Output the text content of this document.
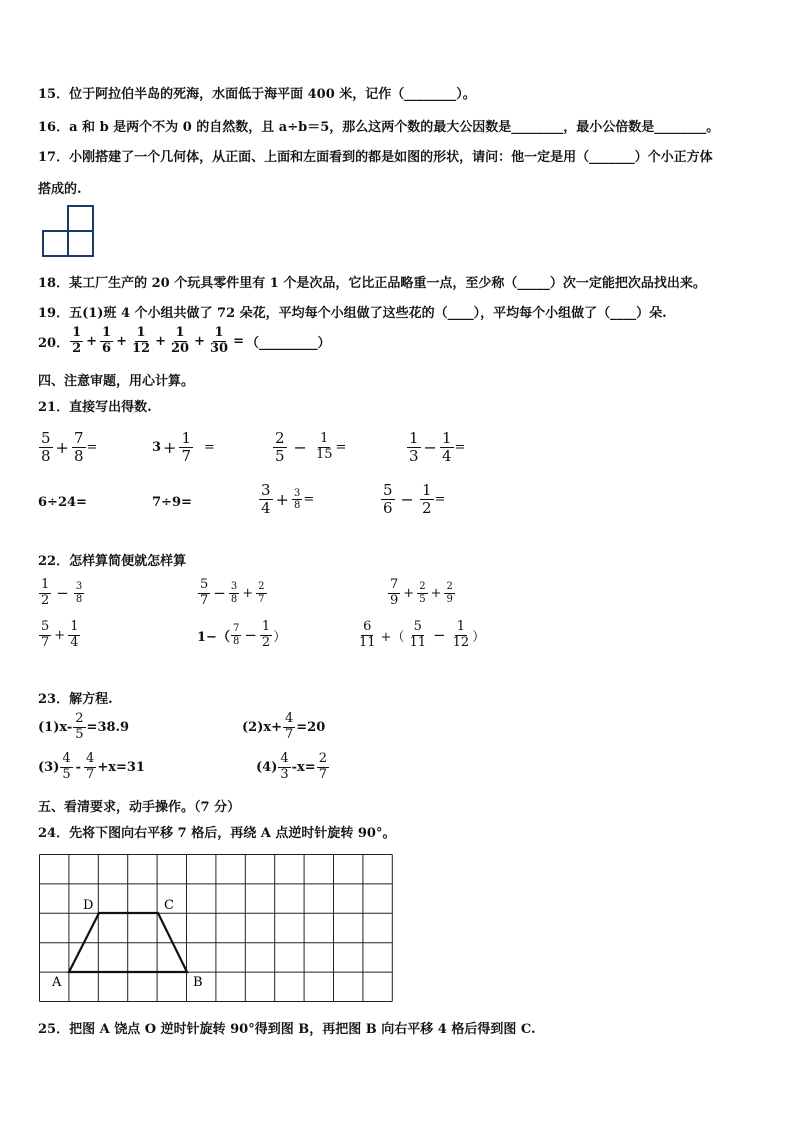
15．位于阿拉伯半岛的死海，水面低于海平面 400 米，记作（________）。
16．a 和 b 是两个不为 0 的自然数，且 a÷b＝5，那么这两个数的最大公因数是________，最小公倍数是________。
17．小刚搭建了一个几何体，从正面、上面和左面看到的都是如图的形状，请问：他一定是用（_______）个小正方体
搭成的.
18．某工厂生产的 20 个玩具零件里有 1 个是次品，它比正品略重一点，至少称（_____）次一定能把次品找出来。
19．五(1)班 4 个小组共做了 72 朵花，平均每个小组做了这些花的（____），平均每个小组做了（____）朵.
20． $\frac{1}{2} + \frac{1}{6} + \frac{1}{12} + \frac{1}{20} + \frac{1}{30}$ = （_________）
四、注意审题，用心计算。
21．直接写出得数.
$\frac{5}{8} + \frac{7}{8}$ =	$3 + \frac{1}{7}$ =	$\frac{2}{5} - \frac{1}{15}$ =	$\frac{1}{3} - \frac{1}{4}$ =
6÷24=	7÷9=	$\frac{3}{4} + \frac{3}{8}$ =	$\frac{5}{6} - \frac{1}{2}$ =
22．怎样算简便就怎样算
$\frac{1}{2} - \frac{3}{8}$	$\frac{5}{7} - \frac{3}{8} + \frac{2}{7}$	$\frac{7}{9} + \frac{2}{5} + \frac{2}{9}$
$\frac{5}{7} + \frac{1}{4}$	$1-( \frac{7}{8} - \frac{1}{2}$ ）	$\frac{6}{11}$ +（ $\frac{5}{11} - \frac{1}{12}$ ）
23．解方程.
$(1)x- \frac{2}{5} =38.9$	$(2)x+ \frac{4}{7} =20$
$(3) \frac{4}{5} - \frac{4}{7} +x=31$	$(4) \frac{4}{3} -x= \frac{2}{7}$
五、看清要求，动手操作。（7 分）
24．先将下图向右平移 7 格后，再绕 A 点逆时针旋转 90°。
A	B
C
D
25．把图 A 饶点 O 逆时针旋转 90°得到图 B，再把图 B 向右平移 4 格后得到图 C.
